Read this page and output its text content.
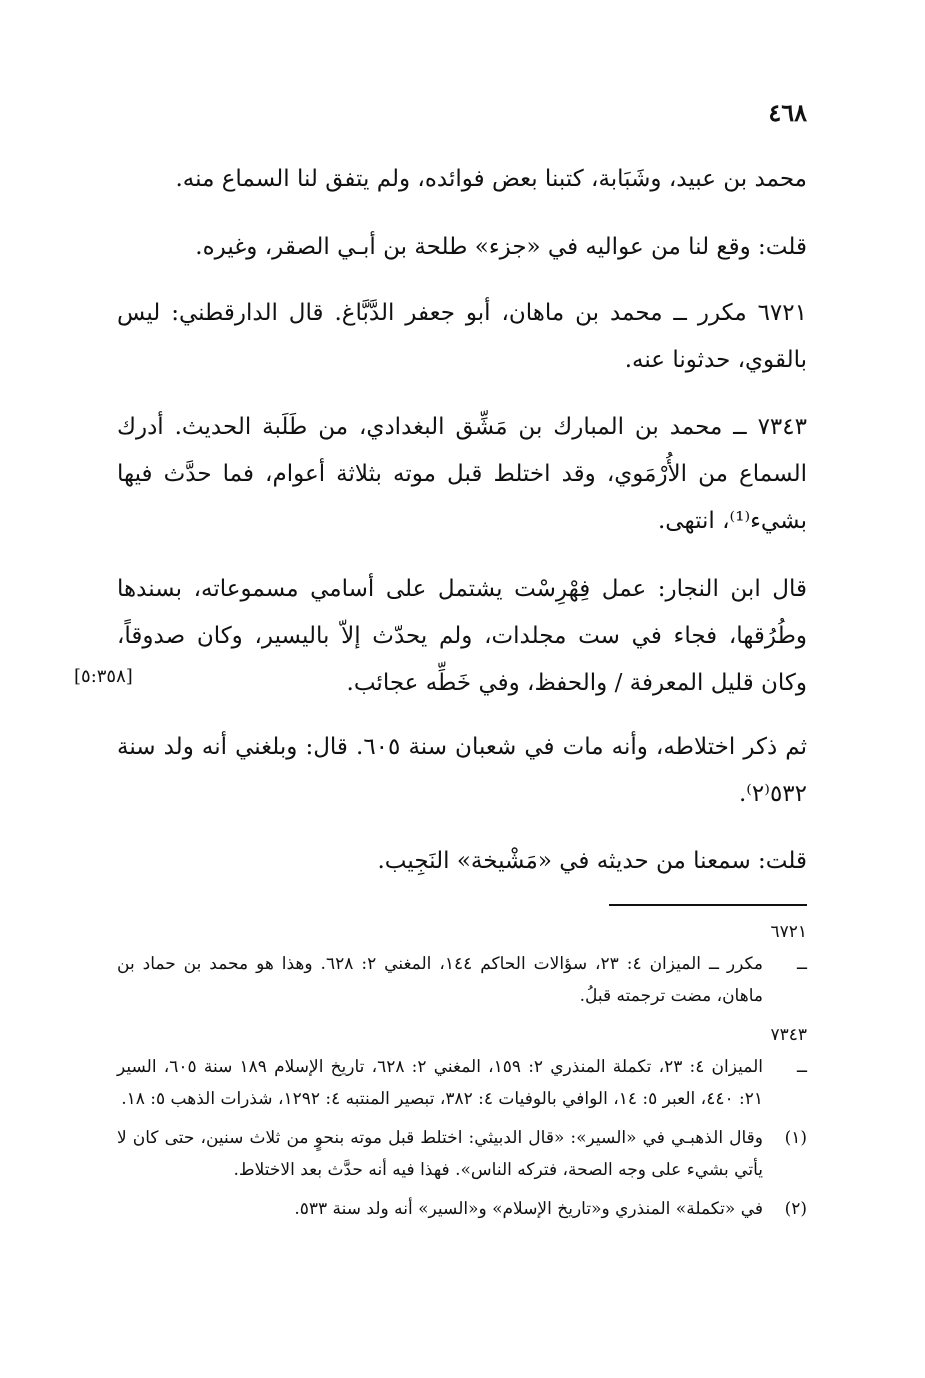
٤٦٨

محمد بن عبيد، وشَبَابة، كتبنا بعض فوائده، ولم يتفق لنا السماع منه.

قلت: وقع لنا من عواليه في «جزء» طلحة بن أبـي الصقر، وغيره.

٦٧٢١ مكرر ــ محمد بن ماهان، أبو جعفر الدَّبَّاغ. قال الدارقطني: ليس بالقوي، حدثونا عنه.

٧٣٤٣ ــ محمد بن المبارك بن مَشِّق البغدادي، من طَلَبة الحديث. أدرك السماع من الأُرْمَوي، وقد اختلط قبل موته بثلاثة أعوام، فما حدَّث فيها بشيء⁽¹⁾، انتهى.

قال ابن النجار: عمل فِهْرِسْت يشتمل على أسامي مسموعاته، بسندها وطُرُقها، فجاء في ست مجلدات، ولم يحدّث إلاّ باليسير، وكان صدوقاً، وكان قليل المعرفة / والحفظ، وفي خَطِّه عجائب.

ثم ذكر اختلاطه، وأنه مات في شعبان سنة ٦٠٥. قال: وبلغني أنه ولد سنة ٥٣٢⁽٢⁾.

قلت: سمعنا من حديثه في «مَشْيخة» النَجِيب.

[٥:٣٥٨]

٦٧٢١ ــمكرر ــ الميزان ٤: ٢٣، سؤالات الحاكم ١٤٤، المغني ٢: ٦٢٨. وهذا هو محمد بن حماد بن ماهان، مضت ترجمته قبلُ.

٧٣٤٣ ــالميزان ٤: ٢٣، تكملة المنذري ٢: ١٥٩، المغني ٢: ٦٢٨، تاريخ الإسلام ١٨٩ سنة ٦٠٥، السير ٢١: ٤٤٠، العبر ٥: ١٤، الوافي بالوفيات ٤: ٣٨٢، تبصير المنتبه ٤: ١٢٩٢، شذرات الذهب ٥: ١٨.

(١)وقال الذهبـي في «السير»: «قال الدبيثي: اختلط قبل موته بنحوٍ من ثلاث سنين، حتى كان لا يأتي بشيء على وجه الصحة، فتركه الناس». فهذا فيه أنه حدَّث بعد الاختلاط.

(٢)في «تكملة» المنذري و«تاريخ الإسلام» و«السير» أنه ولد سنة ٥٣٣.
